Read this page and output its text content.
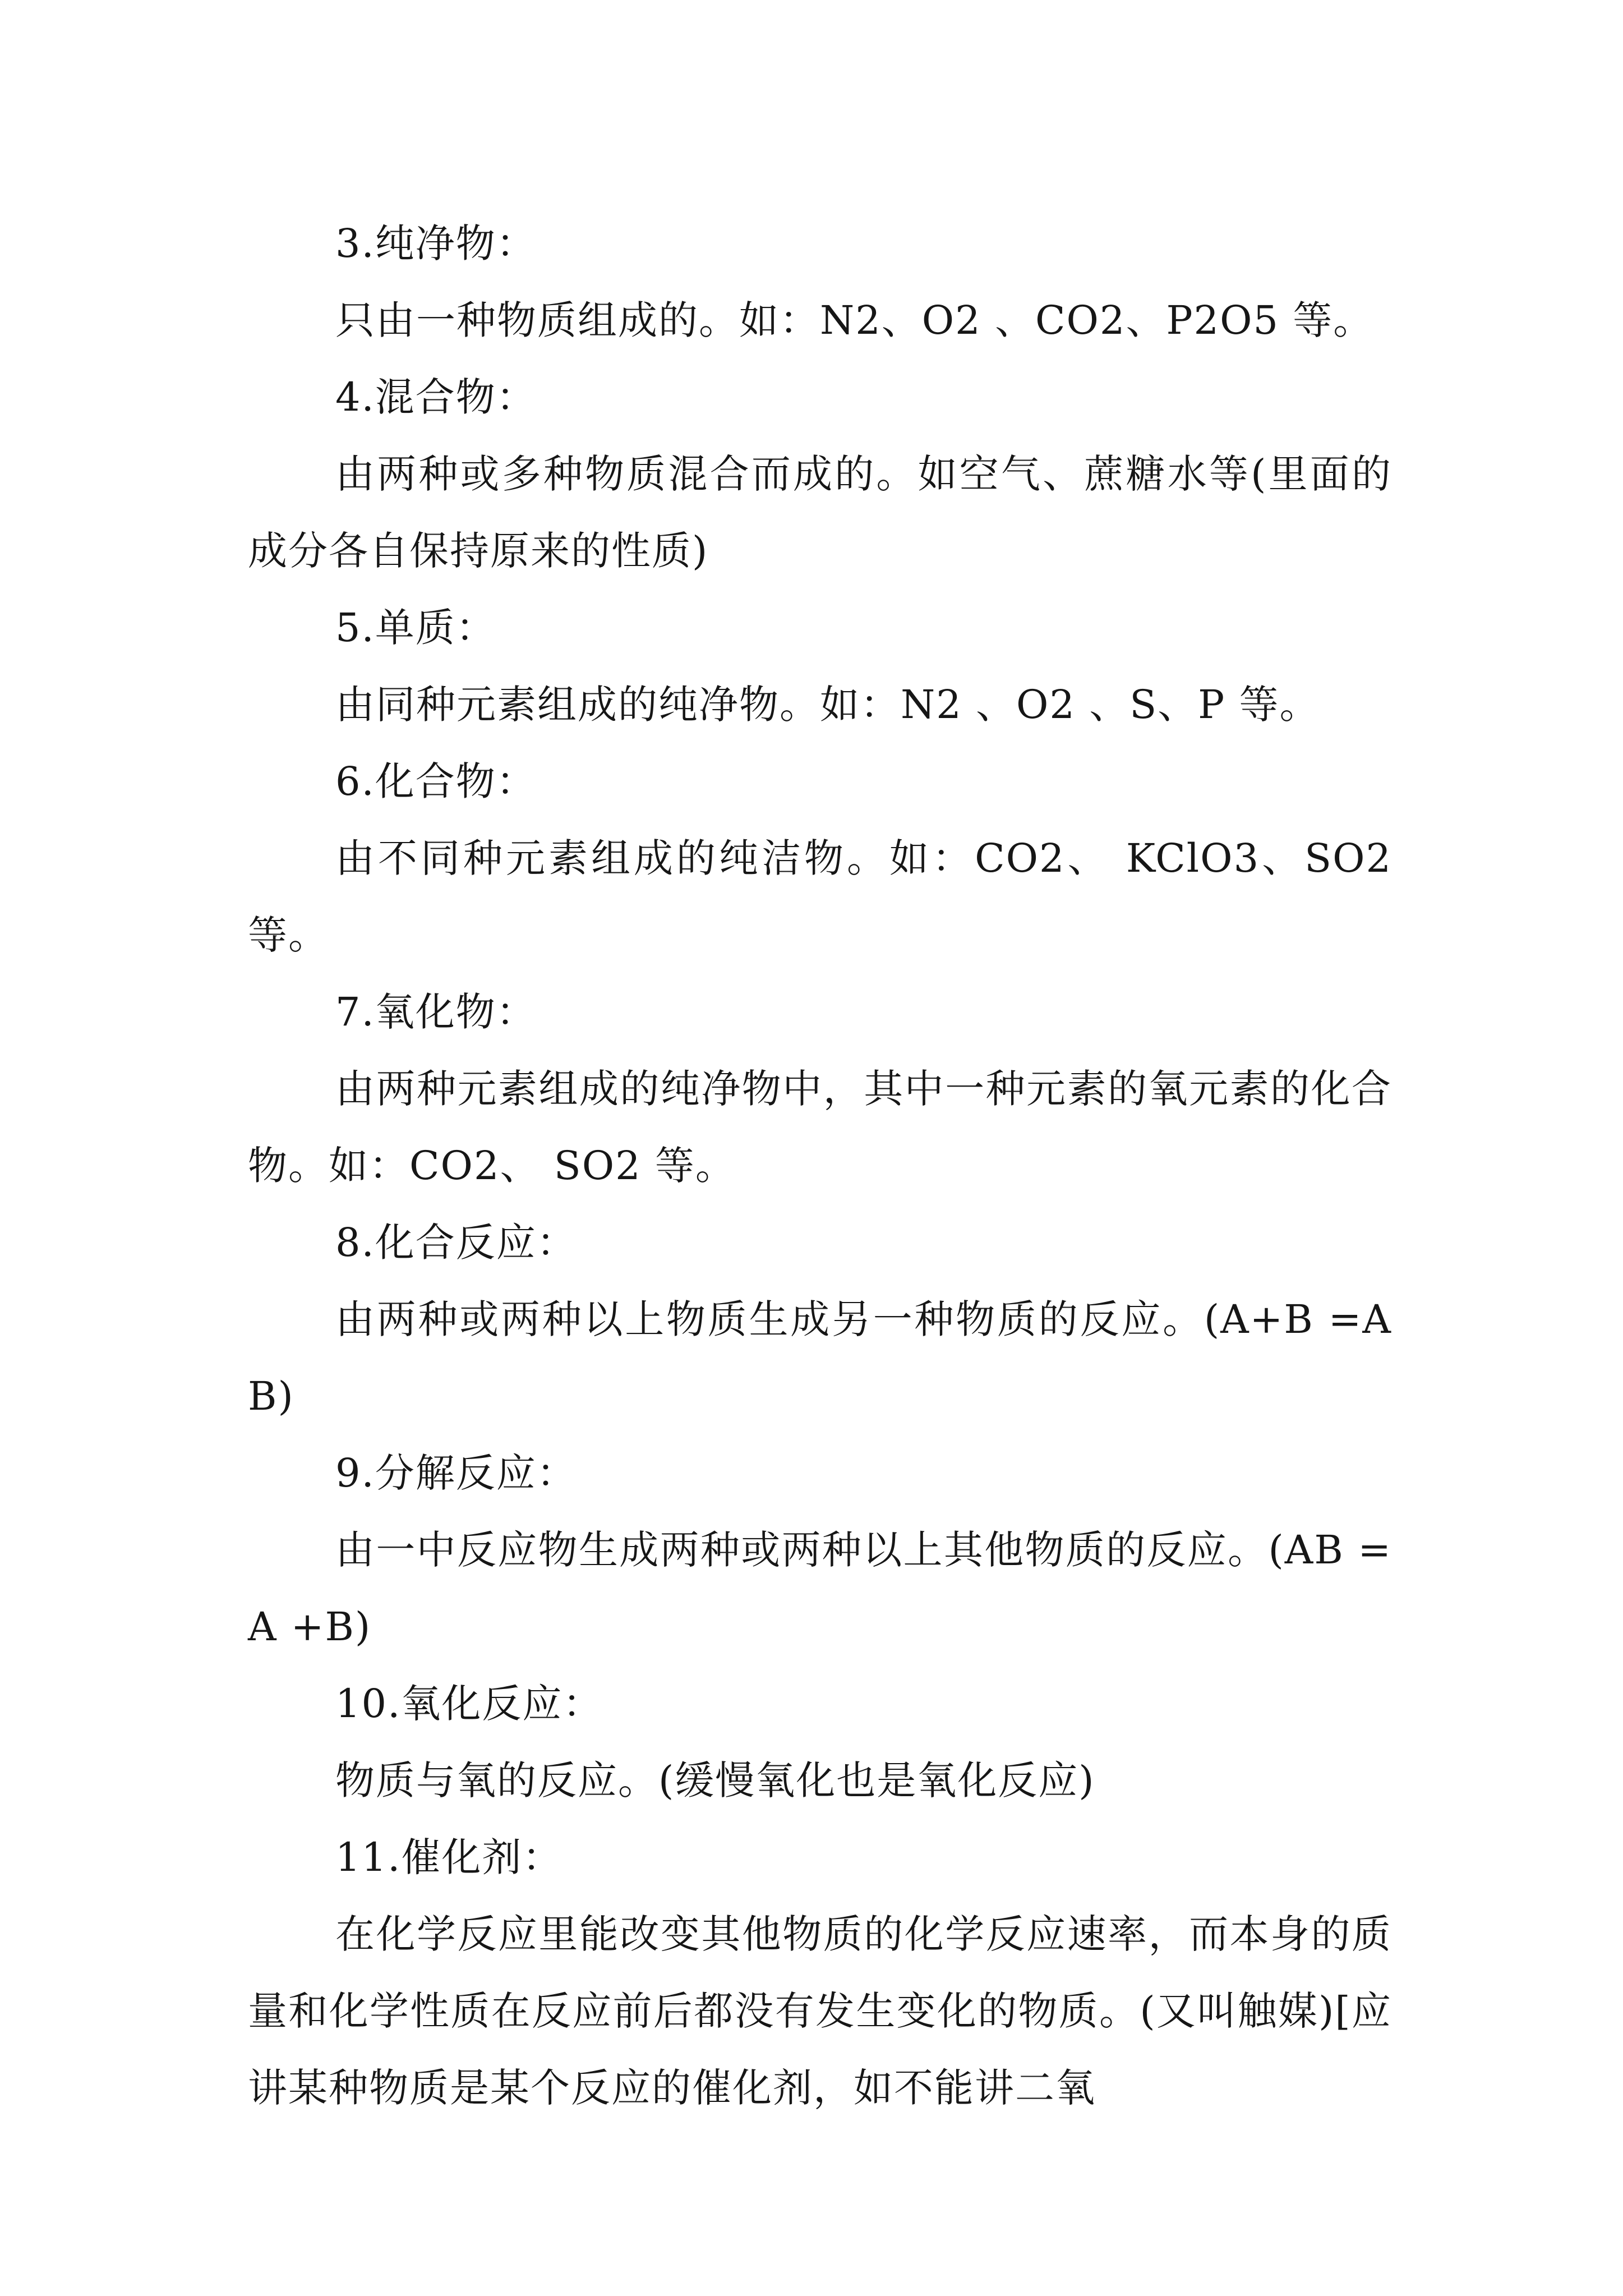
3.纯净物：

只由一种物质组成的。如：N2、O2 、CO2、P2O5 等。

4.混合物：

由两种或多种物质混合而成的。如空气、蔗糖水等(里面的成分各自保持原来的性质)

5.单质：

由同种元素组成的纯净物。如：N2 、O2 、S、P 等。

6.化合物：

由不同种元素组成的纯洁物。如：CO2、 KClO3、SO2 等。

7.氧化物：

由两种元素组成的纯净物中，其中一种元素的氧元素的化合物。如：CO2、 SO2 等。

8.化合反应：

由两种或两种以上物质生成另一种物质的反应。(A+B =AB)

9.分解反应：

由一中反应物生成两种或两种以上其他物质的反应。(AB =A +B)

10.氧化反应：

物质与氧的反应。(缓慢氧化也是氧化反应)

11.催化剂：

在化学反应里能改变其他物质的化学反应速率，而本身的质量和化学性质在反应前后都没有发生变化的物质。(又叫触媒)[应讲某种物质是某个反应的催化剂，如不能讲二氧
